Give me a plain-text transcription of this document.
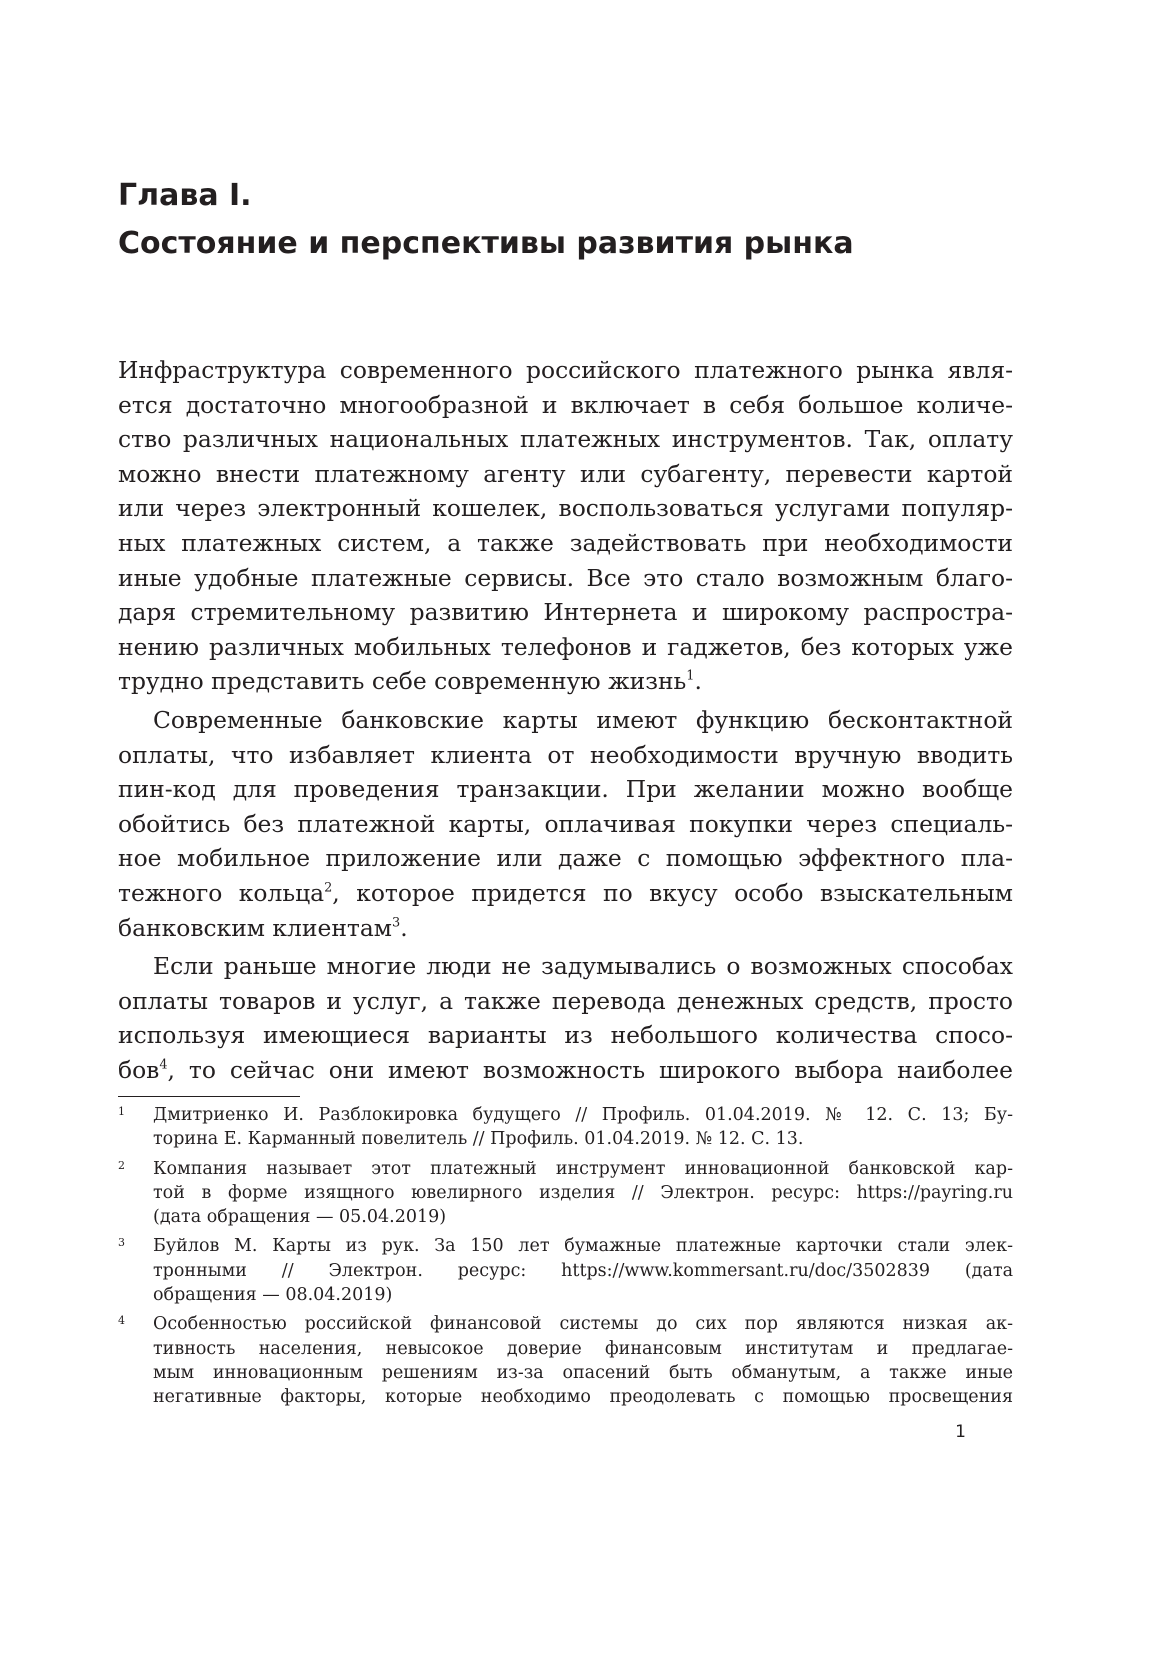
Глава I.
Состояние и перспективы развития рынка
Инфраструктура современного российского платежного рынка явля-
ется достаточно многообразной и включает в себя большое количе-
ство различных национальных платежных инструментов. Так, оплату
можно внести платежному агенту или субагенту, перевести картой
или через электронный кошелек, воспользоваться услугами популяр-
ных платежных систем, а также задействовать при необходимости
иные удобные платежные сервисы. Все это стало возможным благо-
даря стремительному развитию Интернета и широкому распростра-
нению различных мобильных телефонов и гаджетов, без которых уже
трудно представить себе современную жизнь$^1$.
Современные банковские карты имеют функцию бесконтактной
оплаты, что избавляет клиента от необходимости вручную вводить
пин-код для проведения транзакции. При желании можно вообще
обойтись без платежной карты, оплачивая покупки через специаль-
ное мобильное приложение или даже с помощью эффектного пла-
тежного кольца$^2$, которое придется по вкусу особо взыскательным
банковским клиентам$^3$.
Если раньше многие люди не задумывались о возможных способах
оплаты товаров и услуг, а также перевода денежных средств, просто
используя имеющиеся варианты из небольшого количества спосо-
бов$^4$, то сейчас они имеют возможность широкого выбора наиболее
1 Дмитриенко И. Разблокировка будущего // Профиль. 01.04.2019. № 12. С. 13; Бу-
торина Е. Карманный повелитель // Профиль. 01.04.2019. № 12. С. 13.
2 Компания называет этот платежный инструмент инновационной банковской кар-
той в форме изящного ювелирного изделия // Электрон. ресурс: https://payring.ru
(дата обращения — 05.04.2019)
3 Буйлов М. Карты из рук. За 150 лет бумажные платежные карточки стали элек-
тронными // Электрон. ресурс: https://www.kommersant.ru/doc/3502839 (дата
обращения — 08.04.2019)
4 Особенностью российской финансовой системы до сих пор являются низкая ак-
тивность населения, невысокое доверие финансовым институтам и предлагае-
мым инновационным решениям из-за опасений быть обманутым, а также иные
негативные факторы, которые необходимо преодолевать с помощью просвещения
1
